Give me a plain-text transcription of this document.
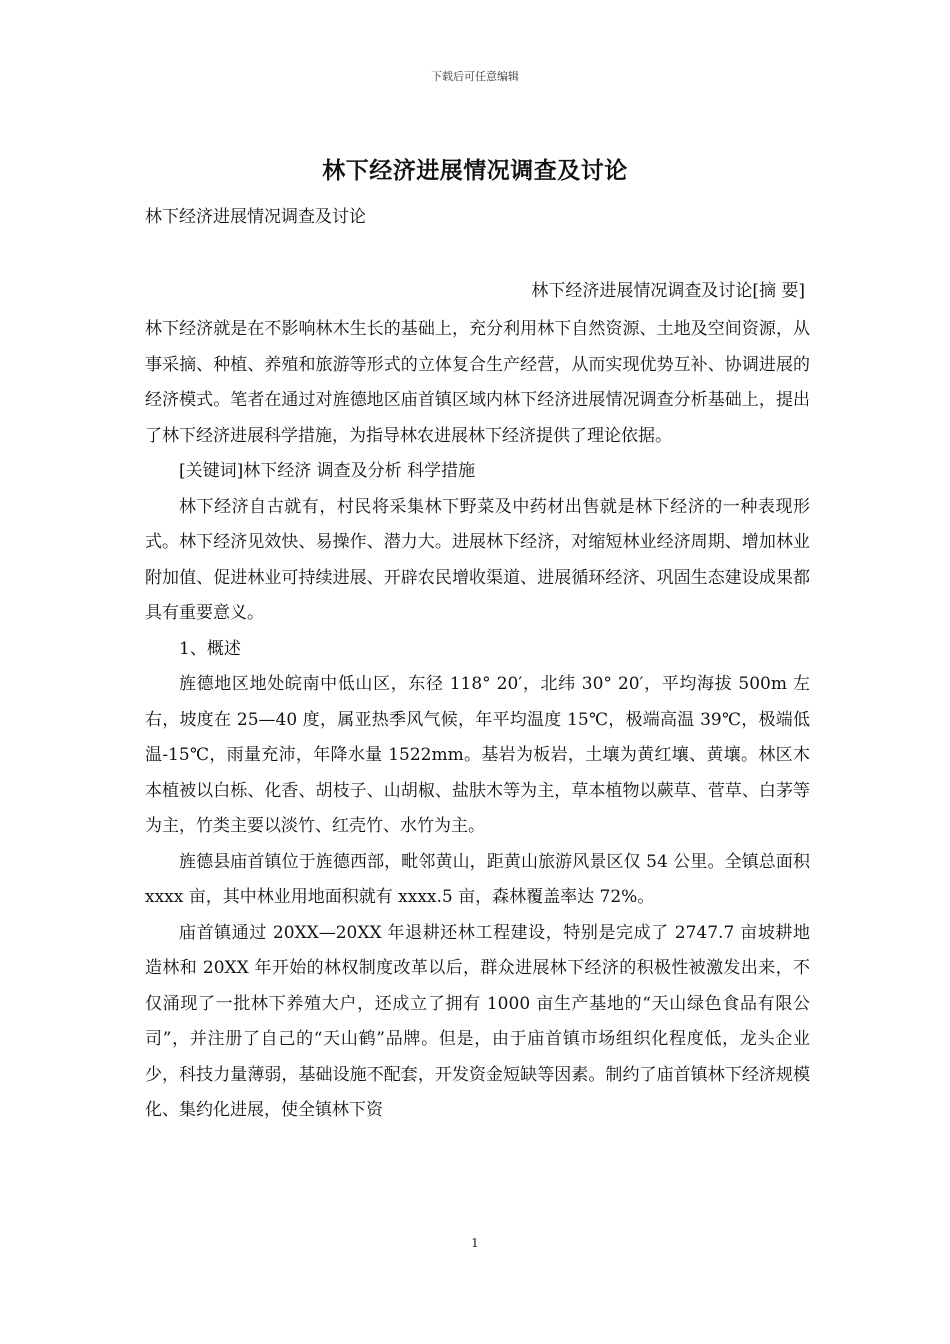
下载后可任意编辑
林下经济进展情况调查及讨论
林下经济进展情况调查及讨论
林下经济进展情况调查及讨论[摘 要]

林下经济就是在不影响林木生长的基础上，充分利用林下自然资源、土地及空间资源，从事采摘、种植、养殖和旅游等形式的立体复合生产经营，从而实现优势互补、协调进展的经济模式。笔者在通过对旌德地区庙首镇区域内林下经济进展情况调查分析基础上，提出了林下经济进展科学措施，为指导林农进展林下经济提供了理论依据。

[关键词]林下经济 调查及分析 科学措施

林下经济自古就有，村民将采集林下野菜及中药材出售就是林下经济的一种表现形式。林下经济见效快、易操作、潜力大。进展林下经济，对缩短林业经济周期、增加林业附加值、促进林业可持续进展、开辟农民增收渠道、进展循环经济、巩固生态建设成果都具有重要意义。

1、概述

旌德地区地处皖南中低山区，东径 118° 20′，北纬 30° 20′，平均海拔 500m 左右，坡度在 25—40 度，属亚热季风气候，年平均温度 15℃，极端高温 39℃，极端低温-15℃，雨量充沛，年降水量 1522mm。基岩为板岩，土壤为黄红壤、黄壤。林区木本植被以白栎、化香、胡枝子、山胡椒、盐肤木等为主，草本植物以蕨草、菅草、白茅等为主，竹类主要以淡竹、红壳竹、水竹为主。

旌德县庙首镇位于旌德西部，毗邻黄山，距黄山旅游风景区仅 54 公里。全镇总面积 xxxx 亩，其中林业用地面积就有 xxxx.5 亩，森林覆盖率达 72%。

庙首镇通过 20XX—20XX 年退耕还林工程建设，特别是完成了 2747.7 亩坡耕地造林和 20XX 年开始的林权制度改革以后，群众进展林下经济的积极性被激发出来，不仅涌现了一批林下养殖大户，还成立了拥有 1000 亩生产基地的“天山绿色食品有限公司”，并注册了自己的“天山鹤”品牌。但是，由于庙首镇市场组织化程度低，龙头企业少，科技力量薄弱，基础设施不配套，开发资金短缺等因素。制约了庙首镇林下经济规模化、集约化进展，使全镇林下资

1
